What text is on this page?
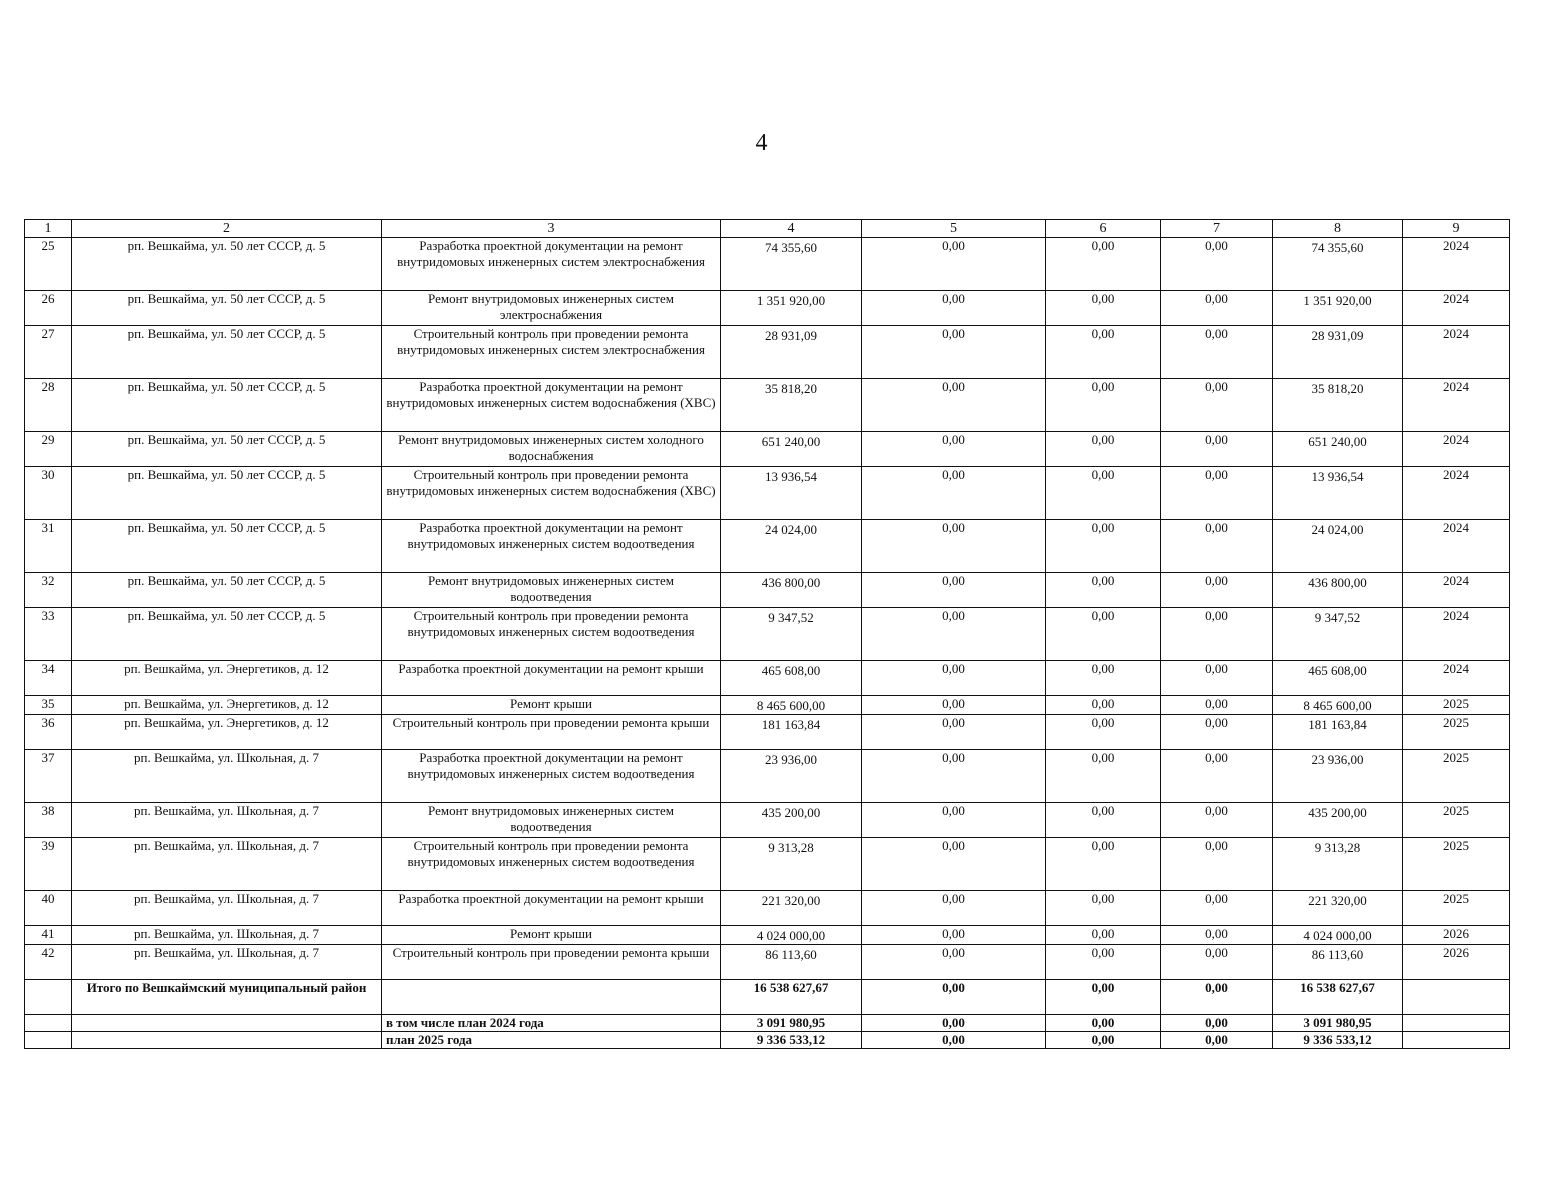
4
1	2	3	4	5	6	7	8	9
25	рп. Вешкайма, ул. 50 лет СССР, д. 5	Разработка проектной документации на ремонт внутридомовых инженерных систем электроснабжения	74 355,60	0,00	0,00	0,00	74 355,60	2024
26	рп. Вешкайма, ул. 50 лет СССР, д. 5	Ремонт внутридомовых инженерных систем электроснабжения	1 351 920,00	0,00	0,00	0,00	1 351 920,00	2024
27	рп. Вешкайма, ул. 50 лет СССР, д. 5	Строительный контроль при проведении ремонта внутридомовых инженерных систем электроснабжения	28 931,09	0,00	0,00	0,00	28 931,09	2024
28	рп. Вешкайма, ул. 50 лет СССР, д. 5	Разработка проектной документации на ремонт внутридомовых инженерных систем водоснабжения (ХВС)	35 818,20	0,00	0,00	0,00	35 818,20	2024
29	рп. Вешкайма, ул. 50 лет СССР, д. 5	Ремонт внутридомовых инженерных систем холодного водоснабжения	651 240,00	0,00	0,00	0,00	651 240,00	2024
30	рп. Вешкайма, ул. 50 лет СССР, д. 5	Строительный контроль при проведении ремонта внутридомовых инженерных систем водоснабжения (ХВС)	13 936,54	0,00	0,00	0,00	13 936,54	2024
31	рп. Вешкайма, ул. 50 лет СССР, д. 5	Разработка проектной документации на ремонт внутридомовых инженерных систем водоотведения	24 024,00	0,00	0,00	0,00	24 024,00	2024
32	рп. Вешкайма, ул. 50 лет СССР, д. 5	Ремонт внутридомовых инженерных систем водоотведения	436 800,00	0,00	0,00	0,00	436 800,00	2024
33	рп. Вешкайма, ул. 50 лет СССР, д. 5	Строительный контроль при проведении ремонта внутридомовых инженерных систем водоотведения	9 347,52	0,00	0,00	0,00	9 347,52	2024
34	рп. Вешкайма, ул. Энергетиков, д. 12	Разработка проектной документации на ремонт крыши	465 608,00	0,00	0,00	0,00	465 608,00	2024
35	рп. Вешкайма, ул. Энергетиков, д. 12	Ремонт крыши	8 465 600,00	0,00	0,00	0,00	8 465 600,00	2025
36	рп. Вешкайма, ул. Энергетиков, д. 12	Строительный контроль при проведении ремонта крыши	181 163,84	0,00	0,00	0,00	181 163,84	2025
37	рп. Вешкайма, ул. Школьная, д. 7	Разработка проектной документации на ремонт внутридомовых инженерных систем водоотведения	23 936,00	0,00	0,00	0,00	23 936,00	2025
38	рп. Вешкайма, ул. Школьная, д. 7	Ремонт внутридомовых инженерных систем водоотведения	435 200,00	0,00	0,00	0,00	435 200,00	2025
39	рп. Вешкайма, ул. Школьная, д. 7	Строительный контроль при проведении ремонта внутридомовых инженерных систем водоотведения	9 313,28	0,00	0,00	0,00	9 313,28	2025
40	рп. Вешкайма, ул. Школьная, д. 7	Разработка проектной документации на ремонт крыши	221 320,00	0,00	0,00	0,00	221 320,00	2025
41	рп. Вешкайма, ул. Школьная, д. 7	Ремонт крыши	4 024 000,00	0,00	0,00	0,00	4 024 000,00	2026
42	рп. Вешкайма, ул. Школьная, д. 7	Строительный контроль при проведении ремонта крыши	86 113,60	0,00	0,00	0,00	86 113,60	2026
	Итого по Вешкаймский муниципальный район		16 538 627,67	0,00	0,00	0,00	16 538 627,67	
		в том числе план 2024 года	3 091 980,95	0,00	0,00	0,00	3 091 980,95	
		план 2025 года	9 336 533,12	0,00	0,00	0,00	9 336 533,12	
